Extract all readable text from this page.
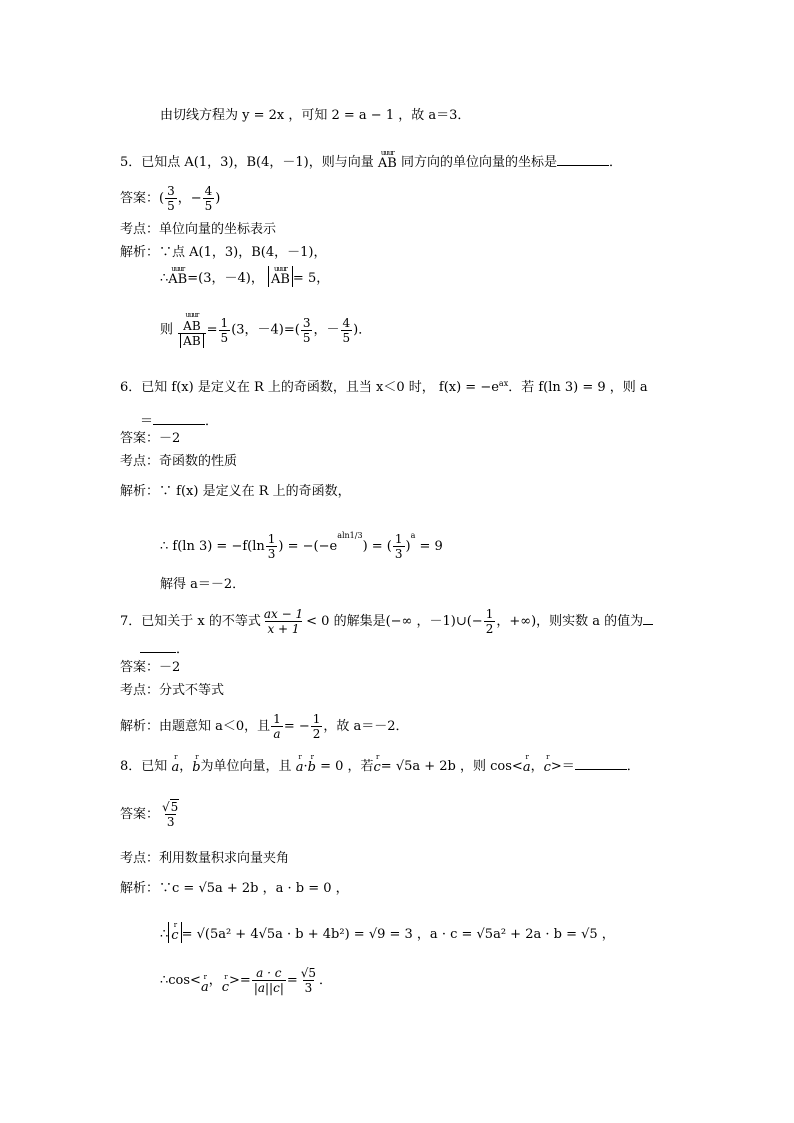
由切线方程为 y = 2x ，可知 2 = a − 1 ，故 a＝3．
5．已知点 A(1，3)，B(4，－1)，则与向量
uuur
AB 同方向的单位向量的坐标是	．
答案：( $\frac{3}{5}$ ，− $\frac{4}{5}$ )
考点：单位向量的坐标表示
解析：∵点 A(1，3)，B(4，－1)，
∴
uuur
AB =(3，－4)，
uuur
AB = 5，
则 uuur
AB
AB = $\frac{1}{5} (3$，$-4)=( \frac{3}{5}$ ，－ $\frac{4}{5}$ )．
6．已知 f(x) 是定义在 R 上的奇函数，且当 x＜0 时， $f(x) = -e^{ax}$．若 f(ln 3) = 9 ，则 a
＝	．
答案：－2
考点：奇函数的性质
解析：∵ f(x) 是定义在 R 上的奇函数，
∴ f(ln $3) = -f(\ln \frac{1}{3}$ ) = $-(-e^{aln1/3})$ = ( $\frac{1}{3} )^a = 9$
解得 a＝－2．
7．已知关于 x 的不等式 $\frac{ax - 1}{x + 1} < 0$ 的解集是(−∞ ，－1)∪(− $\frac{1}{2}$ ，+∞)，则实数 a 的值为
．
答案：－2
考点：分式不等式
解析：由题意知 a＜0，且 $\frac{1}{a}$ = − $\frac{1}{2}$ ，故 a＝－2．
8．已知
r
a ，
r
b 为单位向量，且
r
a ·
r
b = 0 ，若
r
c = √5a + 2b ，则 cos<
r
a ，
r
c >＝	．
答案： $\frac{√5}{3}$
考点：利用数量积求向量夹角
解析：∵c = √5a + 2b ，a · b = 0 ，
∴
r
c = √(5a² + 4√5a · b + 4b²) = √9 = 3 ，a · c = √5a² + 2a · b = √5 ，
∴cos< r
a ， r
$c >= \frac{a \cdot c}{|a||c|} = \frac{√5}{3}$ ．
